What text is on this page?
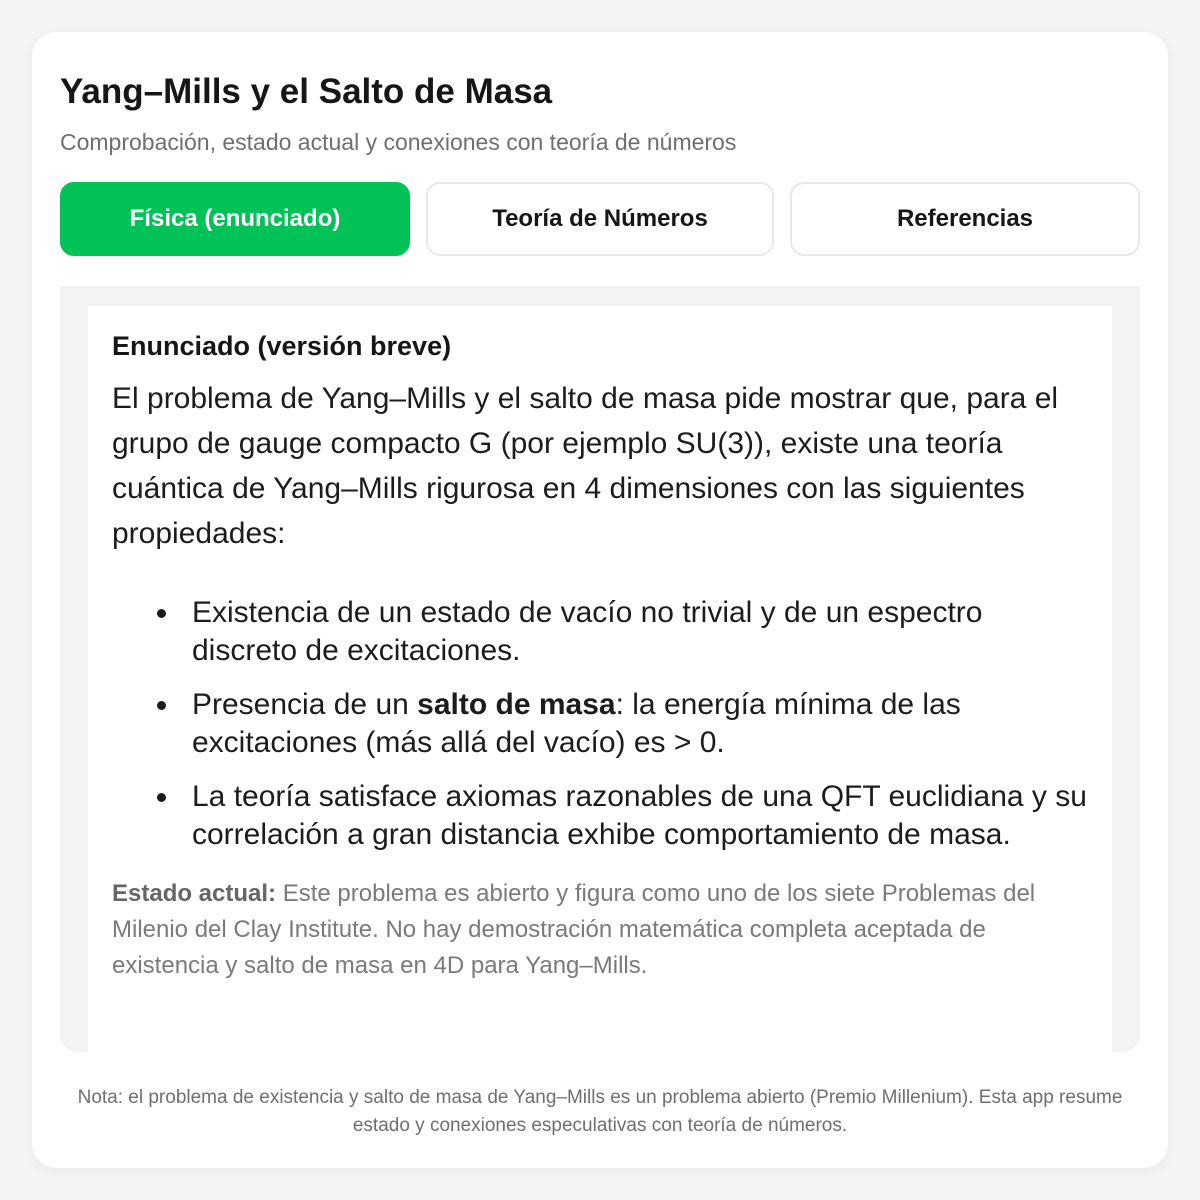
Yang–Mills y el Salto de Masa

Comprobación, estado actual y conexiones con teoría de números

Física (enunciado)	Teoría de Números	Referencias
Enunciado (versión breve)

El problema de Yang–Mills y el salto de masa pide mostrar que, para el grupo de gauge compacto G (por ejemplo SU(3)), existe una teoría cuántica de Yang–Mills rigurosa en 4 dimensiones con las siguientes propiedades:

Existencia de un estado de vacío no trivial y de un espectro discreto de excitaciones.
Presencia de un salto de masa: la energía mínima de las excitaciones (más allá del vacío) es > 0.
La teoría satisface axiomas razonables de una QFT euclidiana y su correlación a gran distancia exhibe comportamiento de masa.

Estado actual: Este problema es abierto y figura como uno de los siete Problemas del Milenio del Clay Institute. No hay demostración matemática completa aceptada de existencia y salto de masa en 4D para Yang–Mills.

Nota: el problema de existencia y salto de masa de Yang–Mills es un problema abierto (Premio Millenium). Esta app resume estado y conexiones especulativas con teoría de números.
